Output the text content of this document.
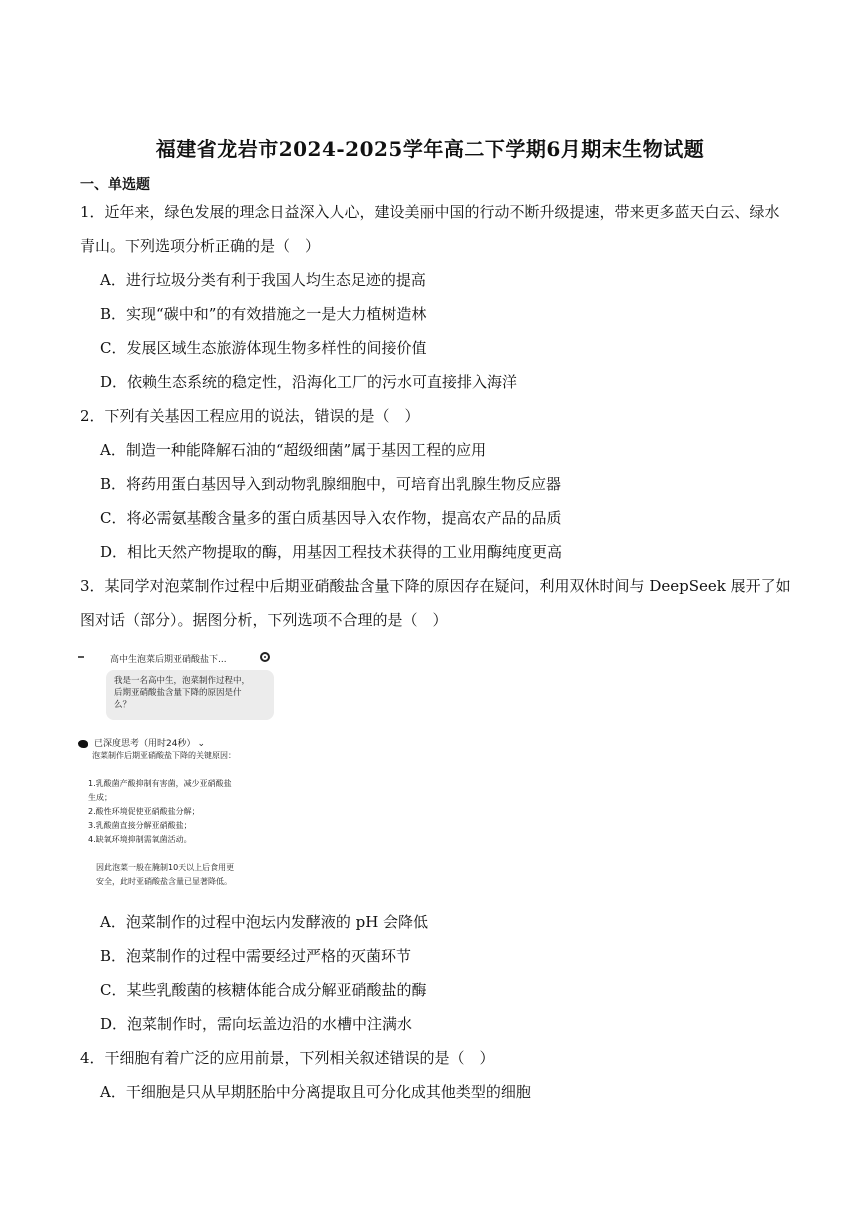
福建省龙岩市2024-2025学年高二下学期6月期末生物试题
一、单选题
1．近年来，绿色发展的理念日益深入人心，建设美丽中国的行动不断升级提速，带来更多蓝天白云、绿水
青山。下列选项分析正确的是（　）
A．进行垃圾分类有利于我国人均生态足迹的提高
B．实现“碳中和”的有效措施之一是大力植树造林
C．发展区域生态旅游体现生物多样性的间接价值
D．依赖生态系统的稳定性，沿海化工厂的污水可直接排入海洋
2．下列有关基因工程应用的说法，错误的是（　）
A．制造一种能降解石油的“超级细菌”属于基因工程的应用
B．将药用蛋白基因导入到动物乳腺细胞中，可培育出乳腺生物反应器
C．将必需氨基酸含量多的蛋白质基因导入农作物，提高农产品的品质
D．相比天然产物提取的酶，用基因工程技术获得的工业用酶纯度更高
3．某同学对泡菜制作过程中后期亚硝酸盐含量下降的原因存在疑问，利用双休时间与 DeepSeek 展开了如
图对话（部分）。据图分析，下列选项不合理的是（　）
高中生泡菜后期亚硝酸盐下...
我是一名高中生，泡菜制作过程中，
后期亚硝酸盐含量下降的原因是什
么？
已深度思考（用时24秒） ⌄
泡菜制作后期亚硝酸盐下降的关键原因：
1.乳酸菌产酸抑制有害菌，减少亚硝酸盐
生成；
2.酸性环境促使亚硝酸盐分解；
3.乳酸菌直接分解亚硝酸盐；
4.缺氧环境抑制需氧菌活动。
因此泡菜一般在腌制10天以上后食用更
安全，此时亚硝酸盐含量已显著降低。
A．泡菜制作的过程中泡坛内发酵液的 pH 会降低
B．泡菜制作的过程中需要经过严格的灭菌环节
C．某些乳酸菌的核糖体能合成分解亚硝酸盐的酶
D．泡菜制作时，需向坛盖边沿的水槽中注满水
4．干细胞有着广泛的应用前景，下列相关叙述错误的是（　）
A．干细胞是只从早期胚胎中分离提取且可分化成其他类型的细胞
